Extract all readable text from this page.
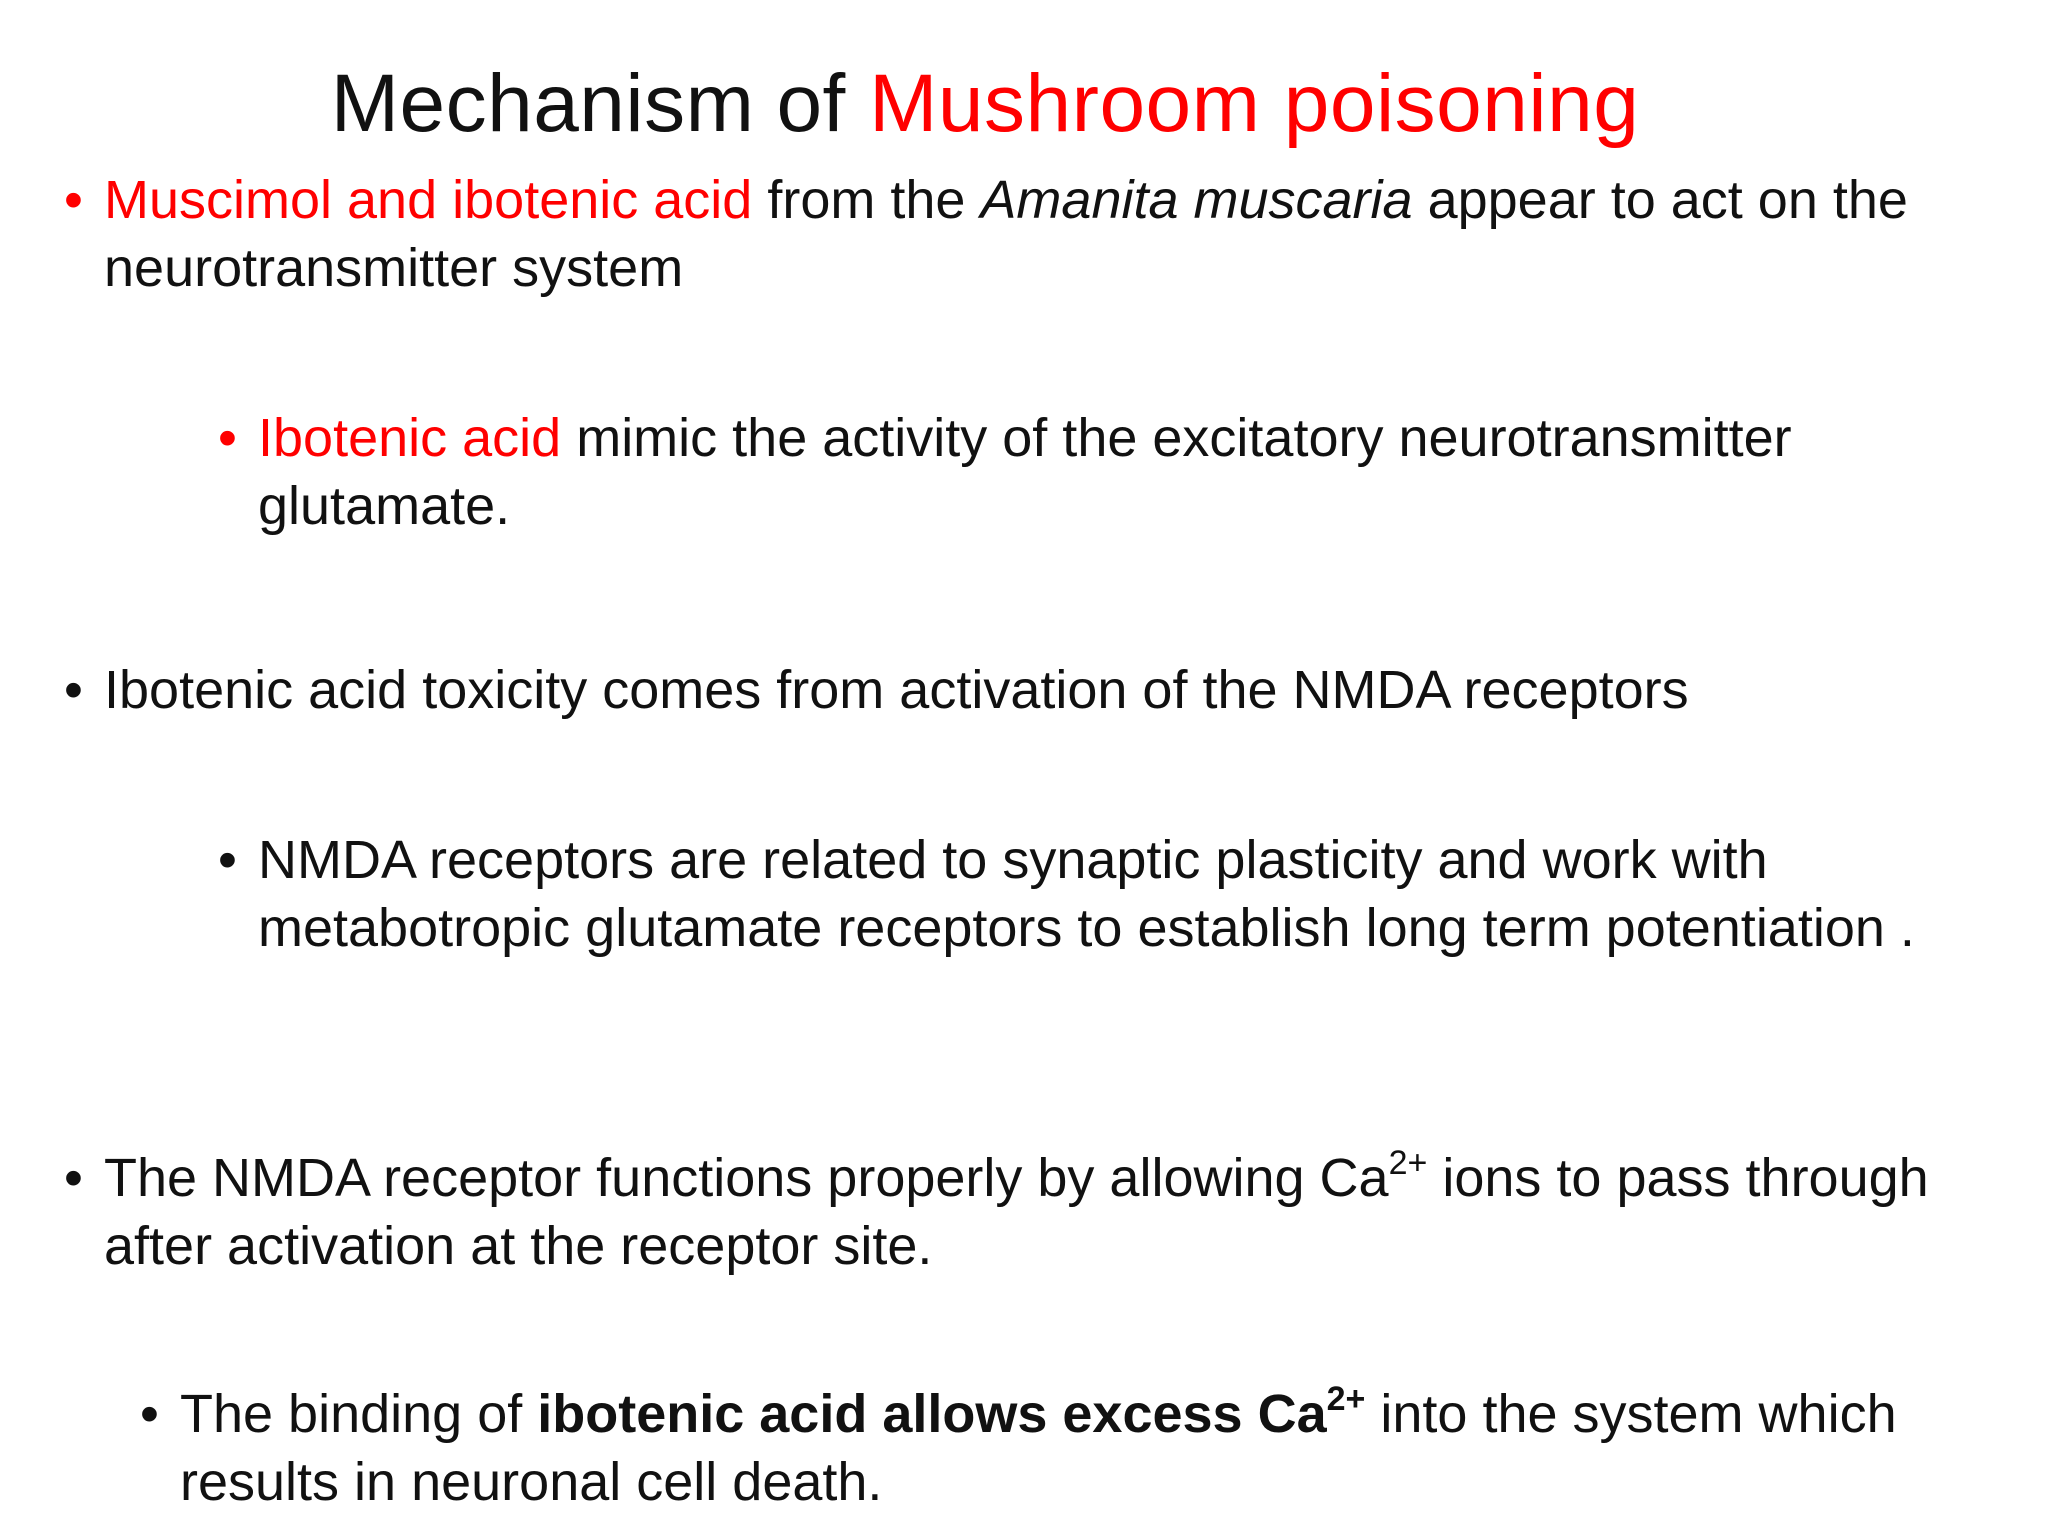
Mechanism of Mushroom poisoning
• Muscimol and ibotenic acid from the Amanita muscaria appear to act on the neurotransmitter system
• Ibotenic acid mimic the activity of the excitatory neurotransmitter glutamate.
• Ibotenic acid toxicity comes from activation of the NMDA receptors
• NMDA receptors are related to synaptic plasticity and work with metabotropic glutamate receptors to establish long term potentiation .
• The NMDA receptor functions properly by allowing $Ca^{2+}$ ions to pass through after activation at the receptor site.
• The binding of ibotenic acid allows excess $Ca^{2+}$ into the system which results in neuronal cell death.
